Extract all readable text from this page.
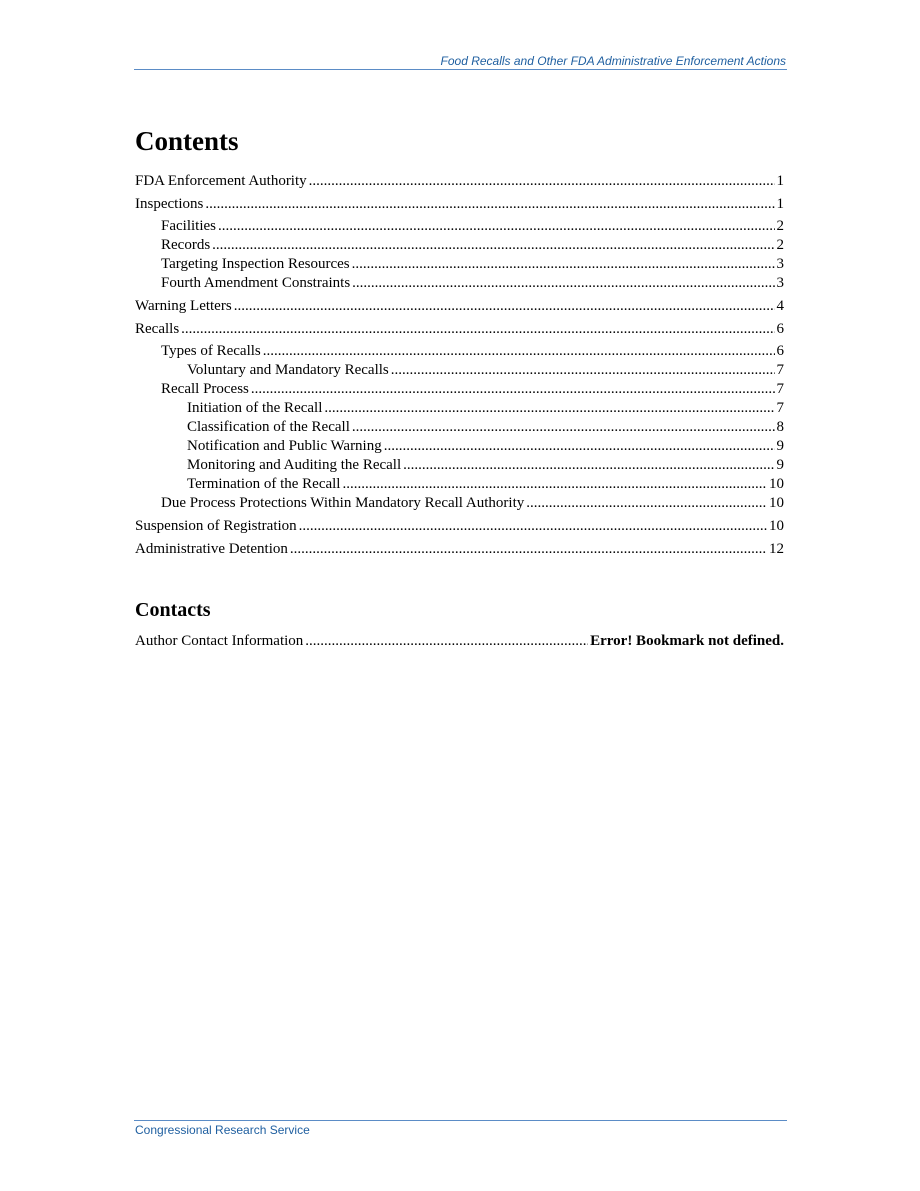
Food Recalls and Other FDA Administrative Enforcement Actions
Contents
FDA Enforcement Authority .....	1
Inspections .....	1
Facilities .....	2
Records .....	2
Targeting Inspection Resources .....	3
Fourth Amendment Constraints .....	3
Warning Letters .....	4
Recalls .....	6
Types of Recalls .....	6
Voluntary and Mandatory Recalls .....	7
Recall Process .....	7
Initiation of the Recall .....	7
Classification of the Recall .....	8
Notification and Public Warning .....	9
Monitoring and Auditing the Recall .....	9
Termination of the Recall .....	10
Due Process Protections Within Mandatory Recall Authority .....	10
Suspension of Registration .....	10
Administrative Detention .....	12
Contacts
Author Contact Information .....	Error! Bookmark not defined.
Congressional Research Service
